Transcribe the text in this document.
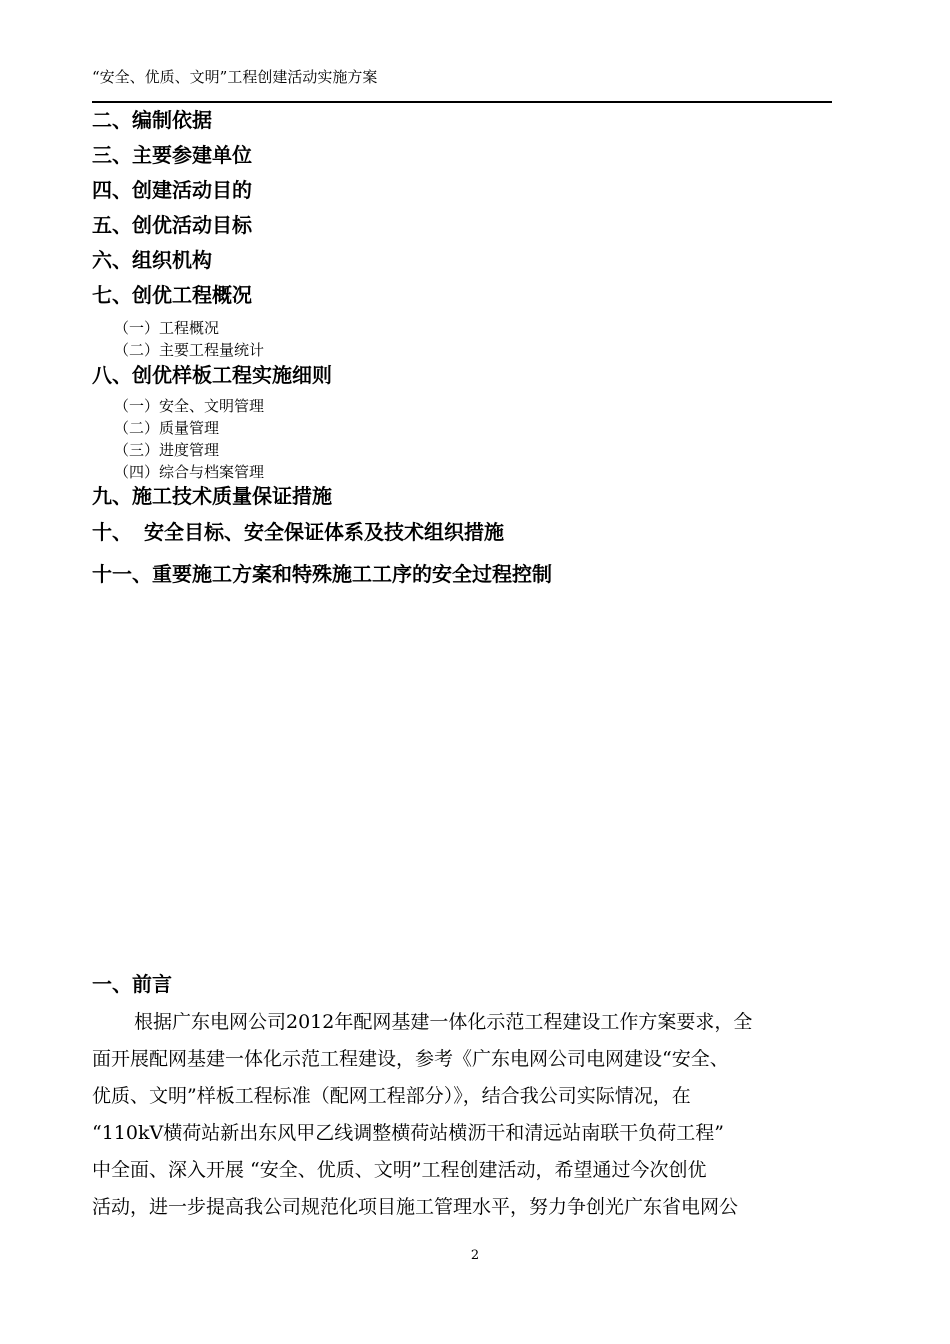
“安全、优质、文明”工程创建活动实施方案
二、编制依据
三、主要参建单位
四、创建活动目的
五、创优活动目标
六、组织机构
七、创优工程概况
（一）工程概况
（二）主要工程量统计
八、创优样板工程实施细则
（一）安全、文明管理
（二）质量管理
（三）进度管理
（四）综合与档案管理
九、施工技术质量保证措施
十、 安全目标、安全保证体系及技术组织措施
十一、重要施工方案和特殊施工工序的安全过程控制
一、前言
根据广东电网公司2012年配网基建一体化示范工程建设工作方案要求，全
面开展配网基建一体化示范工程建设，参考《广东电网公司电网建设“安全、
优质、文明”样板工程标准（配网工程部分）》，结合我公司实际情况，在
“110kV横荷站新出东风甲乙线调整横荷站横沥干和清远站南联干负荷工程”
中全面、深入开展 “安全、优质、文明”工程创建活动，希望通过今次创优
活动，进一步提高我公司规范化项目施工管理水平，努力争创光广东省电网公
2
